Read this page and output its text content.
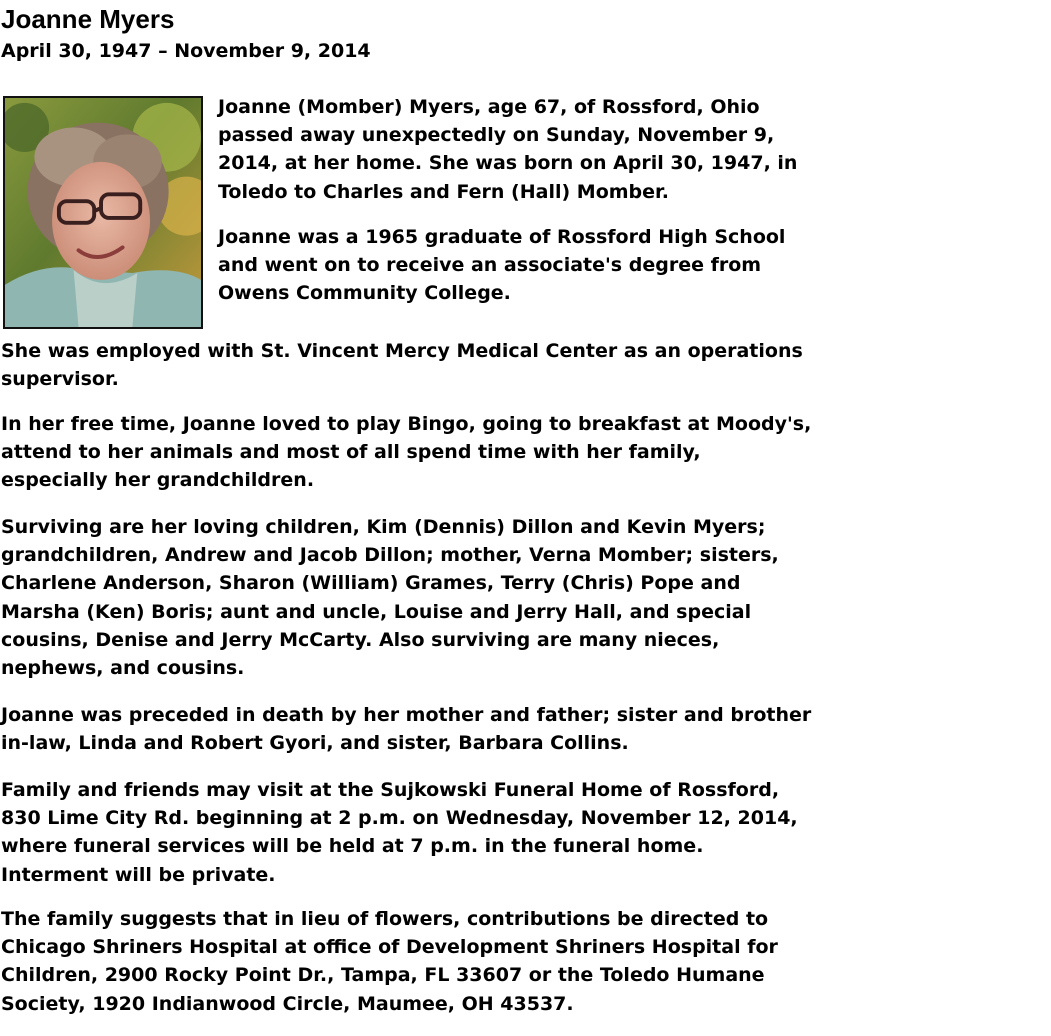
Joanne Myers
April 30, 1947 – November 9, 2014

Joanne (Momber) Myers, age 67, of Rossford, Ohio
passed away unexpectedly on Sunday, November 9,
2014, at her home. She was born on April 30, 1947, in
Toledo to Charles and Fern (Hall) Momber.

Joanne was a 1965 graduate of Rossford High School
and went on to receive an associate's degree from
Owens Community College.

She was employed with St. Vincent Mercy Medical Center as an operations
supervisor.

In her free time, Joanne loved to play Bingo, going to breakfast at Moody's,
attend to her animals and most of all spend time with her family,
especially her grandchildren.

Surviving are her loving children, Kim (Dennis) Dillon and Kevin Myers;
grandchildren, Andrew and Jacob Dillon; mother, Verna Momber; sisters,
Charlene Anderson, Sharon (William) Grames, Terry (Chris) Pope and
Marsha (Ken) Boris; aunt and uncle, Louise and Jerry Hall, and special
cousins, Denise and Jerry McCarty. Also surviving are many nieces,
nephews, and cousins.

Joanne was preceded in death by her mother and father; sister and brother
in-law, Linda and Robert Gyori, and sister, Barbara Collins.

Family and friends may visit at the Sujkowski Funeral Home of Rossford,
830 Lime City Rd. beginning at 2 p.m. on Wednesday, November 12, 2014,
where funeral services will be held at 7 p.m. in the funeral home.
Interment will be private.

The family suggests that in lieu of flowers, contributions be directed to
Chicago Shriners Hospital at office of Development Shriners Hospital for
Children, 2900 Rocky Point Dr., Tampa, FL 33607 or the Toledo Humane
Society, 1920 Indianwood Circle, Maumee, OH 43537.
